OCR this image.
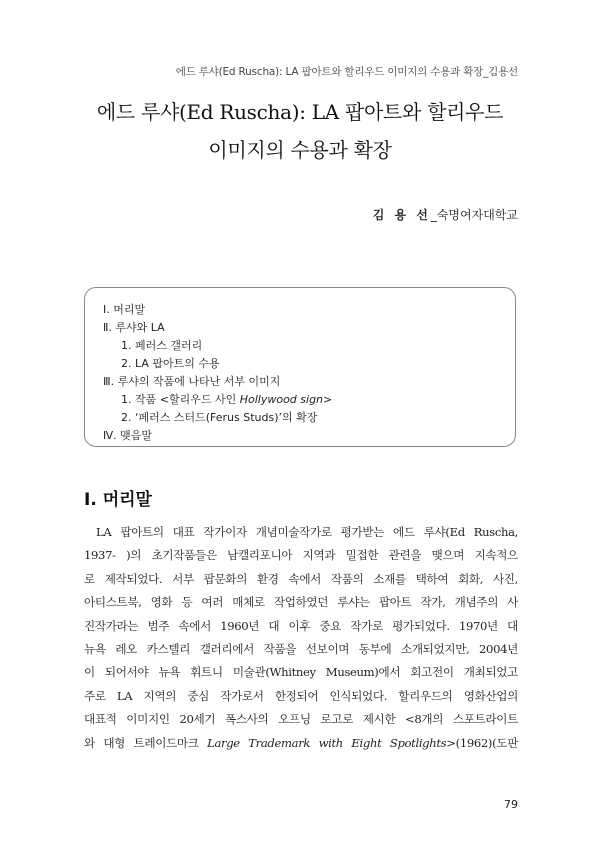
에드 루샤(Ed Ruscha): LA 팝아트와 할리우드 이미지의 수용과 확장_김용선
에드 루샤(Ed Ruscha): LA 팝아트와 할리우드
이미지의 수용과 확장
김 용 선_숙명여자대학교
Ⅰ. 머리말
Ⅱ. 루샤와 LA
1. 페러스 갤러리
2. LA 팝아트의 수용
Ⅲ. 루샤의 작품에 나타난 서부 이미지
1. 작품 <할리우드 사인 Hollywood sign>
2. ‘페러스 스터드(Ferus Studs)’의 확장
Ⅳ. 맺음말
Ⅰ. 머리말

LA 팝아트의 대표 작가이자 개념미술작가로 평가받는 에드 루샤(Ed Ruscha,
1937- )의 초기작품들은 남캘리포니아 지역과 밀접한 관련을 맺으며 지속적으
로 제작되었다. 서부 팝문화의 환경 속에서 작품의 소재를 택하여 회화, 사진,
아티스트북, 영화 등 여러 매체로 작업하였던 루샤는 팝아트 작가, 개념주의 사
진작가라는 범주 속에서 1960년 대 이후 중요 작가로 평가되었다. 1970년 대
뉴욕 레오 카스텔리 갤러리에서 작품을 선보이며 동부에 소개되었지만, 2004년
이 되어서야 뉴욕 휘트니 미술관(Whitney Museum)에서 회고전이 개최되었고
주로 LA 지역의 중심 작가로서 한정되어 인식되었다. 할리우드의 영화산업의
대표적 이미지인 20세기 폭스사의 오프닝 로고로 제시한 <8개의 스포트라이트
와 대형 트레이드마크 Large Trademark with Eight Spotlights>(1962)(도판

79
